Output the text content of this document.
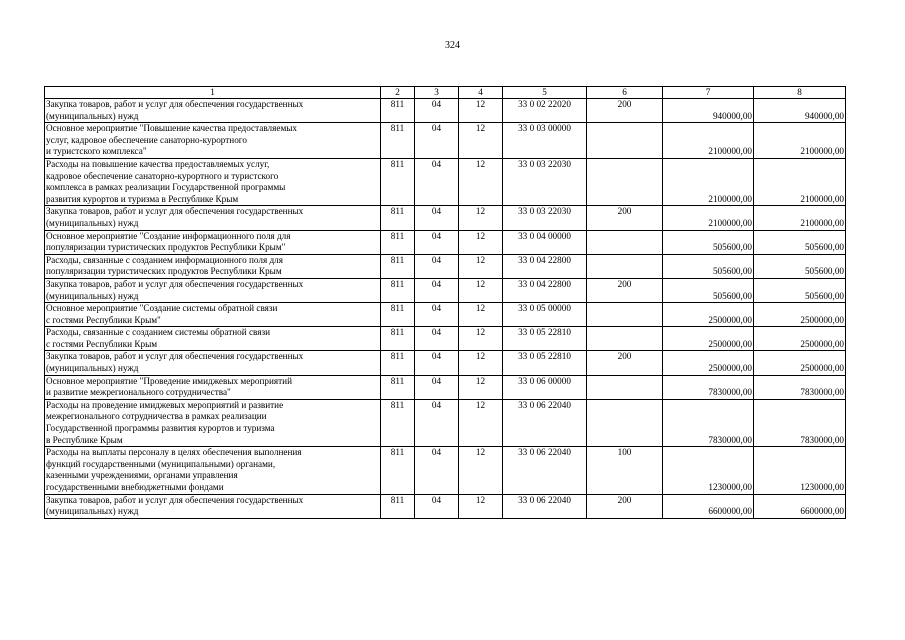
324
1	2	3	4	5	6	7	8

Закупка товаров, работ и услуг для обеспечения государственных
(муниципальных) нужд	811	04	12	33 0 02 22020	200	940000,00	940000,00

Основное мероприятие "Повышение качества предоставляемых
услуг, кадровое обеспечение санаторно-курортного
и туристского комплекса"	811	04	12	33 0 03 00000		2100000,00	2100000,00

Расходы на повышение качества предоставляемых услуг,
кадровое обеспечение санаторно-курортного и туристского
комплекса в рамках реализации Государственной программы
развития курортов и туризма в Республике Крым	811	04	12	33 0 03 22030		2100000,00	2100000,00

Закупка товаров, работ и услуг для обеспечения государственных
(муниципальных) нужд	811	04	12	33 0 03 22030	200	2100000,00	2100000,00

Основное мероприятие "Создание информационного поля для
популяризации туристических продуктов Республики Крым"	811	04	12	33 0 04 00000		505600,00	505600,00

Расходы, связанные с созданием информационного поля для
популяризации туристических продуктов Республики Крым	811	04	12	33 0 04 22800		505600,00	505600,00

Закупка товаров, работ и услуг для обеспечения государственных
(муниципальных) нужд	811	04	12	33 0 04 22800	200	505600,00	505600,00

Основное мероприятие "Создание системы обратной связи
с гостями Республики Крым"	811	04	12	33 0 05 00000		2500000,00	2500000,00

Расходы, связанные с созданием системы обратной связи
с гостями Республики Крым	811	04	12	33 0 05 22810		2500000,00	2500000,00

Закупка товаров, работ и услуг для обеспечения государственных
(муниципальных) нужд	811	04	12	33 0 05 22810	200	2500000,00	2500000,00

Основное мероприятие "Проведение имиджевых мероприятий
и развитие межрегионального сотрудничества"	811	04	12	33 0 06 00000		7830000,00	7830000,00

Расходы на проведение имиджевых мероприятий и развитие
межрегионального сотрудничества в рамках реализации
Государственной программы развития курортов и туризма
в Республике Крым	811	04	12	33 0 06 22040		7830000,00	7830000,00

Расходы на выплаты персоналу в целях обеспечения выполнения
функций государственными (муниципальными) органами,
казенными учреждениями, органами управления
государственными внебюджетными фондами	811	04	12	33 0 06 22040	100	1230000,00	1230000,00

Закупка товаров, работ и услуг для обеспечения государственных
(муниципальных) нужд	811	04	12	33 0 06 22040	200	6600000,00	6600000,00
